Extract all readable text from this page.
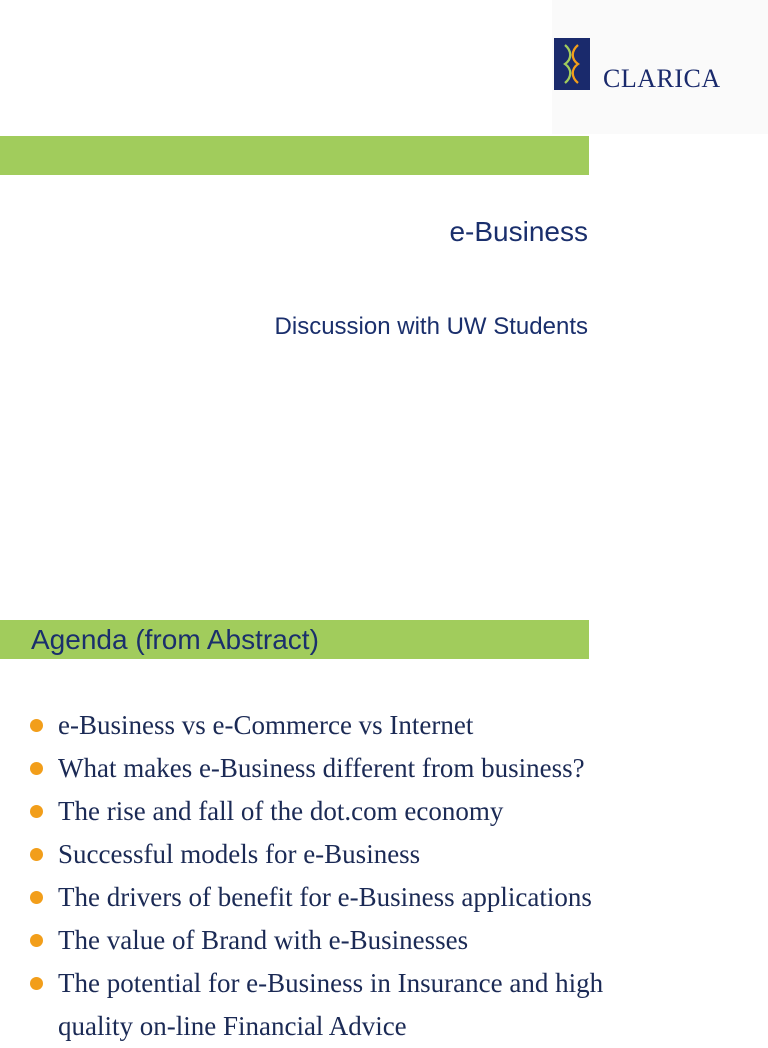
CLARICA
e-Business
Discussion with UW Students
Agenda (from Abstract)
e-Business vs e-Commerce vs Internet
What makes e-Business different from business?
The rise and fall of the dot.com economy
Successful models for e-Business
The drivers of benefit for e-Business applications
The value of Brand with e-Businesses
The potential for e-Business in Insurance and high
quality on-line Financial Advice
